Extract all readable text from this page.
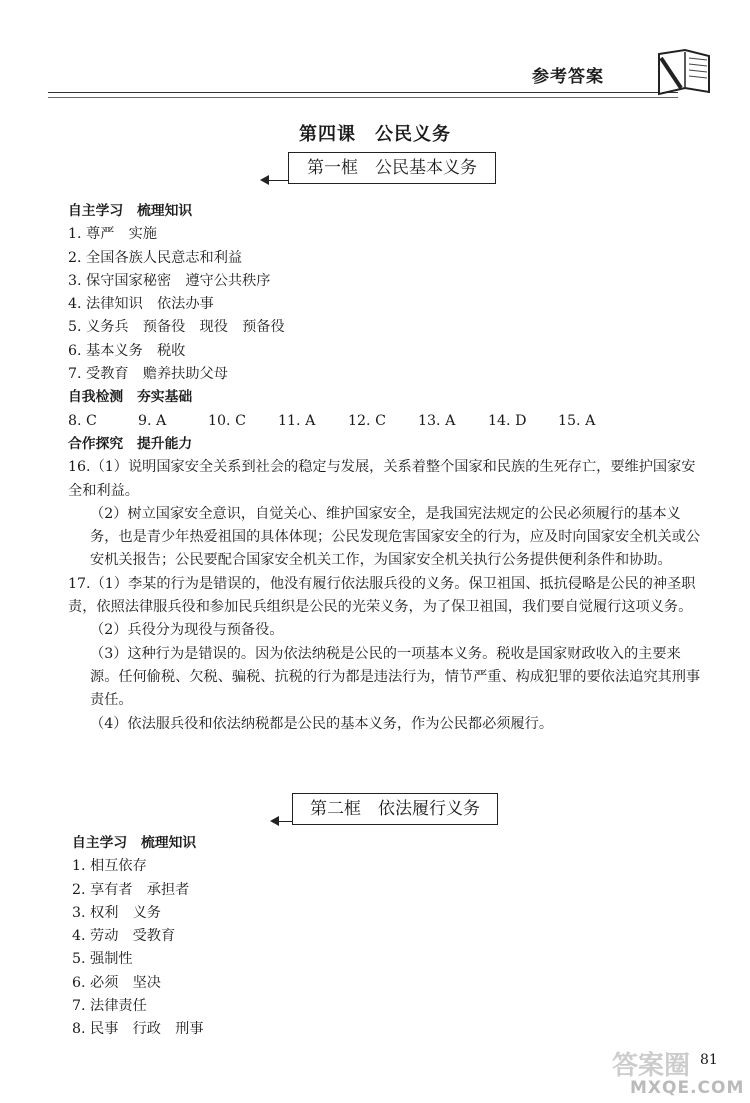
参考答案
第四课　公民义务
第一框　公民基本义务
自主学习　梳理知识
1. 尊严　实施
2. 全国各族人民意志和利益
3. 保守国家秘密　遵守公共秩序
4. 法律知识　依法办事
5. 义务兵　预备役　现役　预备役
6. 基本义务　税收
7. 受教育　赡养扶助父母
自我检测　夯实基础
8. C	9. A	10. C 11. A 12. C 13. A 14. D 15. A
合作探究　提升能力
16.（1）说明国家安全关系到社会的稳定与发展，关系着整个国家和民族的生死存亡，要维护国家安全和利益。
（2）树立国家安全意识，自觉关心、维护国家安全，是我国宪法规定的公民必须履行的基本义务，也是青少年热爱祖国的具体体现；公民发现危害国家安全的行为，应及时向国家安全机关或公安机关报告；公民要配合国家安全机关工作，为国家安全机关执行公务提供便利条件和协助。
17.（1）李某的行为是错误的，他没有履行依法服兵役的义务。保卫祖国、抵抗侵略是公民的神圣职责，依照法律服兵役和参加民兵组织是公民的光荣义务，为了保卫祖国，我们要自觉履行这项义务。
（2）兵役分为现役与预备役。
（3）这种行为是错误的。因为依法纳税是公民的一项基本义务。税收是国家财政收入的主要来源。任何偷税、欠税、骗税、抗税的行为都是违法行为，情节严重、构成犯罪的要依法追究其刑事责任。
（4）依法服兵役和依法纳税都是公民的基本义务，作为公民都必须履行。
第二框　依法履行义务
自主学习　梳理知识
1. 相互依存
2. 享有者　承担者
3. 权利　义务
4. 劳动　受教育
5. 强制性
6. 必须　坚决
7. 法律责任
8. 民事　行政　刑事
答案圈
MXQE.COM
81
